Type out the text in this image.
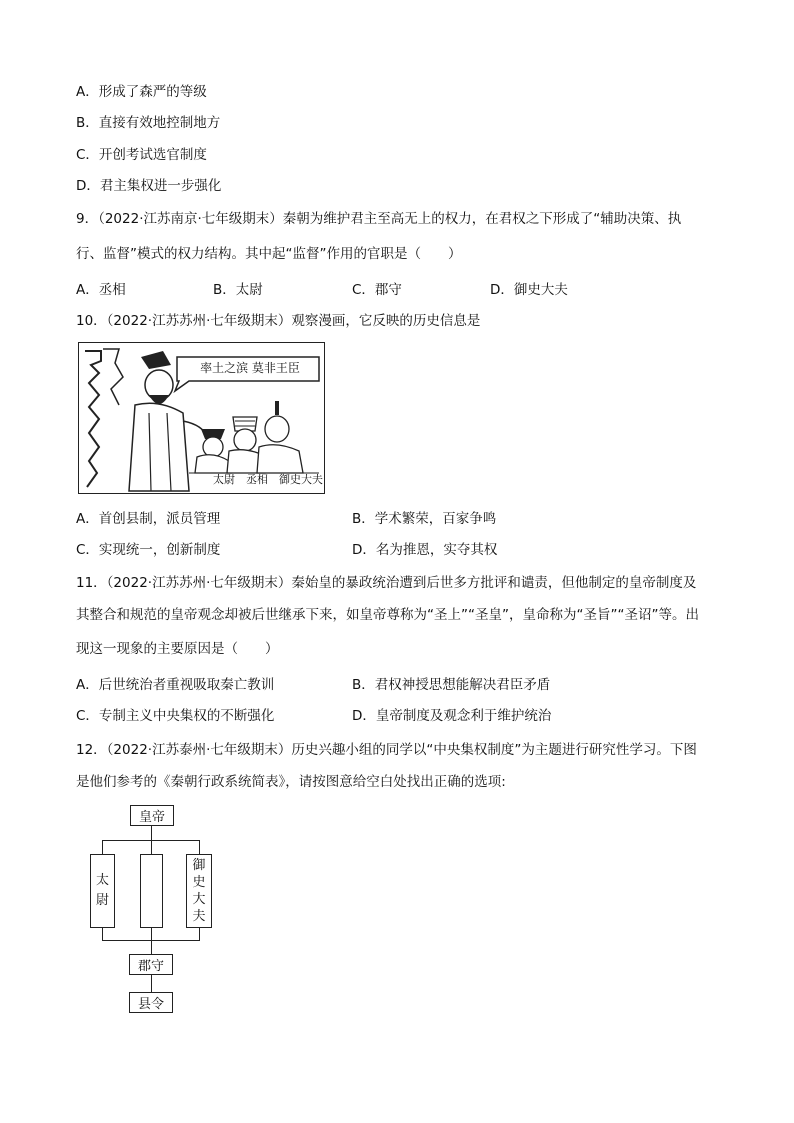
A．形成了森严的等级
B．直接有效地控制地方
C．开创考试选官制度
D．君主集权进一步强化
9．（2022·江苏南京·七年级期末）秦朝为维护君主至高无上的权力，在君权之下形成了“辅助决策、执
行、监督”模式的权力结构。其中起“监督”作用的官职是（　　）
A．丞相	B．太尉	C．郡守	D．御史大夫
10．（2022·江苏苏州·七年级期末）观察漫画，它反映的历史信息是
率土之滨 莫非王臣
太尉　丞相　御史大夫
A．首创县制，派员管理	B．学术繁荣，百家争鸣
C．实现统一，创新制度	D．名为推恩，实夺其权
11．（2022·江苏苏州·七年级期末）秦始皇的暴政统治遭到后世多方批评和谴责，但他制定的皇帝制度及
其整合和规范的皇帝观念却被后世继承下来，如皇帝尊称为“圣上”“圣皇”，皇命称为“圣旨”“圣诏”等。出
现这一现象的主要原因是（　　）
A．后世统治者重视吸取秦亡教训	B．君权神授思想能解决君臣矛盾
C．专制主义中央集权的不断强化	D．皇帝制度及观念利于维护统治
12．（2022·江苏泰州·七年级期末）历史兴趣小组的同学以“中央集权制度”为主题进行研究性学习。下图
是他们参考的《秦朝行政系统简表》，请按图意给空白处找出正确的选项:
皇帝
太
尉
御
史
大
夫
郡守
县令
